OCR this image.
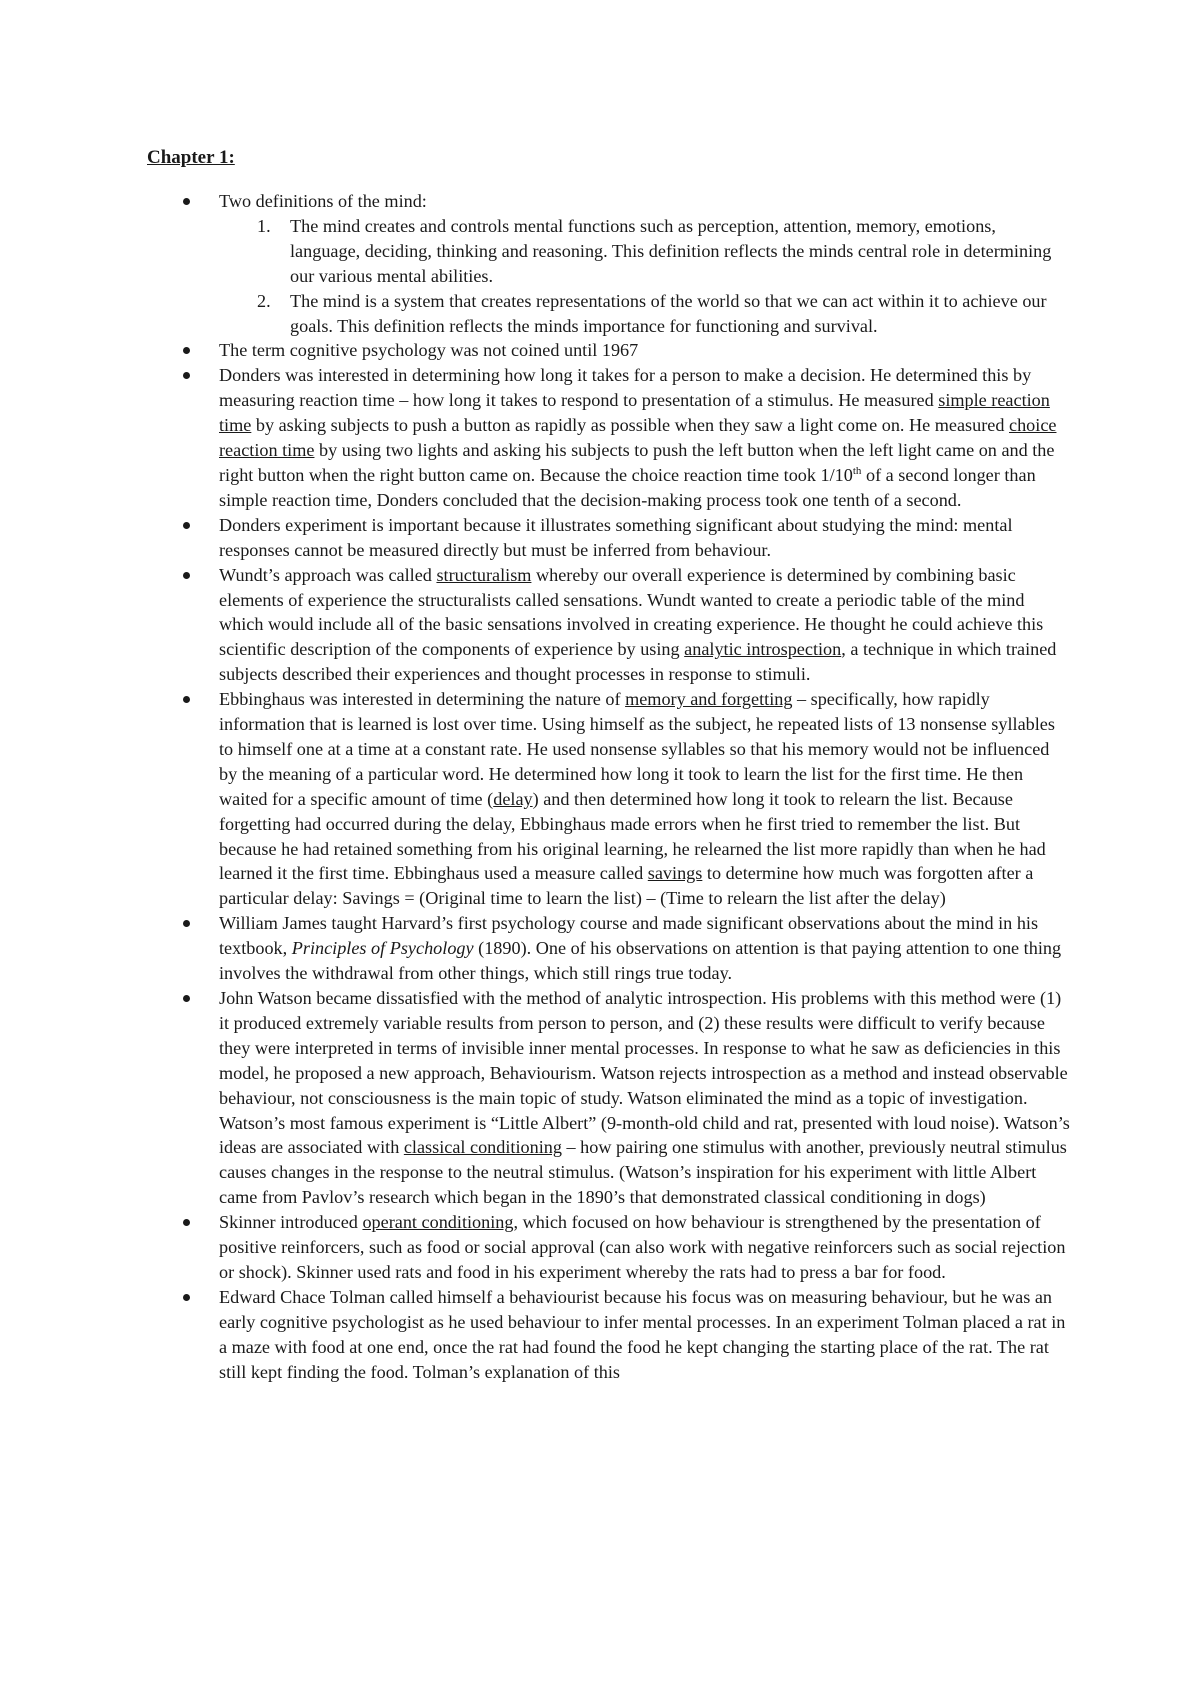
Chapter 1:
Two definitions of the mind:
1. The mind creates and controls mental functions such as perception, attention, memory, emotions, language, deciding, thinking and reasoning. This definition reflects the minds central role in determining our various mental abilities.
2. The mind is a system that creates representations of the world so that we can act within it to achieve our goals. This definition reflects the minds importance for functioning and survival.
The term cognitive psychology was not coined until 1967
Donders was interested in determining how long it takes for a person to make a decision. He determined this by measuring reaction time – how long it takes to respond to presentation of a stimulus. He measured simple reaction time by asking subjects to push a button as rapidly as possible when they saw a light come on. He measured choice reaction time by using two lights and asking his subjects to push the left button when the left light came on and the right button when the right button came on. Because the choice reaction time took 1/10th of a second longer than simple reaction time, Donders concluded that the decision-making process took one tenth of a second.
Donders experiment is important because it illustrates something significant about studying the mind: mental responses cannot be measured directly but must be inferred from behaviour.
Wundt’s approach was called structuralism whereby our overall experience is determined by combining basic elements of experience the structuralists called sensations. Wundt wanted to create a periodic table of the mind which would include all of the basic sensations involved in creating experience. He thought he could achieve this scientific description of the components of experience by using analytic introspection, a technique in which trained subjects described their experiences and thought processes in response to stimuli.
Ebbinghaus was interested in determining the nature of memory and forgetting – specifically, how rapidly information that is learned is lost over time. Using himself as the subject, he repeated lists of 13 nonsense syllables to himself one at a time at a constant rate. He used nonsense syllables so that his memory would not be influenced by the meaning of a particular word. He determined how long it took to learn the list for the first time. He then waited for a specific amount of time (delay) and then determined how long it took to relearn the list. Because forgetting had occurred during the delay, Ebbinghaus made errors when he first tried to remember the list. But because he had retained something from his original learning, he relearned the list more rapidly than when he had learned it the first time. Ebbinghaus used a measure called savings to determine how much was forgotten after a particular delay: Savings = (Original time to learn the list) – (Time to relearn the list after the delay)
William James taught Harvard’s first psychology course and made significant observations about the mind in his textbook, Principles of Psychology (1890). One of his observations on attention is that paying attention to one thing involves the withdrawal from other things, which still rings true today.
John Watson became dissatisfied with the method of analytic introspection. His problems with this method were (1) it produced extremely variable results from person to person, and (2) these results were difficult to verify because they were interpreted in terms of invisible inner mental processes. In response to what he saw as deficiencies in this model, he proposed a new approach, Behaviourism. Watson rejects introspection as a method and instead observable behaviour, not consciousness is the main topic of study. Watson eliminated the mind as a topic of investigation. Watson’s most famous experiment is “Little Albert” (9-month-old child and rat, presented with loud noise). Watson’s ideas are associated with classical conditioning – how pairing one stimulus with another, previously neutral stimulus causes changes in the response to the neutral stimulus. (Watson’s inspiration for his experiment with little Albert came from Pavlov’s research which began in the 1890’s that demonstrated classical conditioning in dogs)
Skinner introduced operant conditioning, which focused on how behaviour is strengthened by the presentation of positive reinforcers, such as food or social approval (can also work with negative reinforcers such as social rejection or shock). Skinner used rats and food in his experiment whereby the rats had to press a bar for food.
Edward Chace Tolman called himself a behaviourist because his focus was on measuring behaviour, but he was an early cognitive psychologist as he used behaviour to infer mental processes. In an experiment Tolman placed a rat in a maze with food at one end, once the rat had found the food he kept changing the starting place of the rat. The rat still kept finding the food. Tolman’s explanation of this
